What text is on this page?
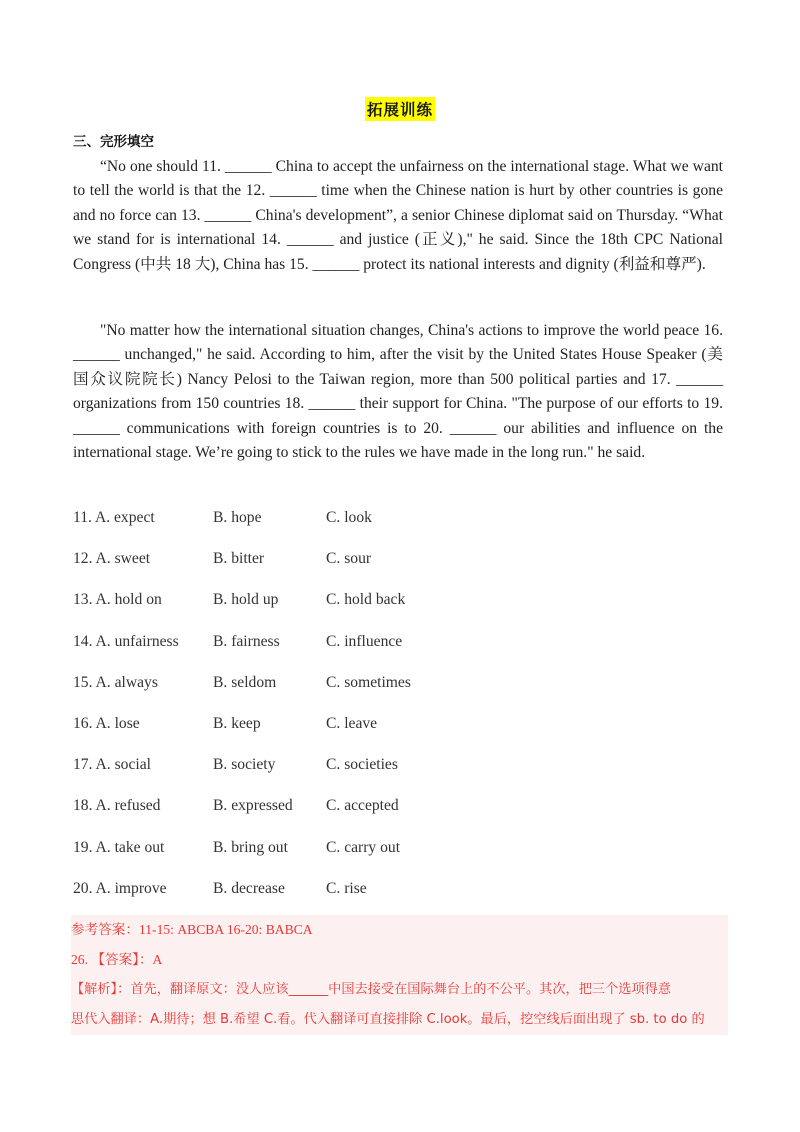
拓展训练
三、完形填空
“No one should 11. ______ China to accept the unfairness on the international stage. What we want to tell the world is that the 12. ______ time when the Chinese nation is hurt by other countries is gone and no force can 13. ______ China's development”, a senior Chinese diplomat said on Thursday. “What we stand for is international 14. ______ and justice (正义)," he said. Since the 18th CPC National Congress (中共 18 大), China has 15. ______ protect its national interests and dignity (利益和尊严).
"No matter how the international situation changes, China's actions to improve the world peace 16. ______ unchanged," he said. According to him, after the visit by the United States House Speaker (美国众议院院长) Nancy Pelosi to the Taiwan region, more than 500 political parties and 17. ______ organizations from 150 countries 18. ______ their support for China. "The purpose of our efforts to 19. ______ communications with foreign countries is to 20. ______ our abilities and influence on the international stage. We’re going to stick to the rules we have made in the long run." he said.
11. A. expect	B. hope	C. look
12. A. sweet	B. bitter	C. sour
13. A. hold on	B. hold up	C. hold back
14. A. unfairness B. fairness	C. influence
15. A. always	B. seldom	C. sometimes
16. A. lose	B. keep	C. leave
17. A. social	B. society	C. societies
18. A. refused	B. expressed C. accepted
19. A. take out	B. bring out C. carry out
20. A. improve	B. decrease	C. rise
参考答案：11-15: ABCBA 16-20: BABCA
26. 【答案】：A
【解析】：首先，翻译原文：没人应该______中国去接受在国际舞台上的不公平。其次，把三个选项得意
思代入翻译：A.期待；想 B.希望 C.看。代入翻译可直接排除 C.look。最后，挖空线后面出现了 sb. to do 的
